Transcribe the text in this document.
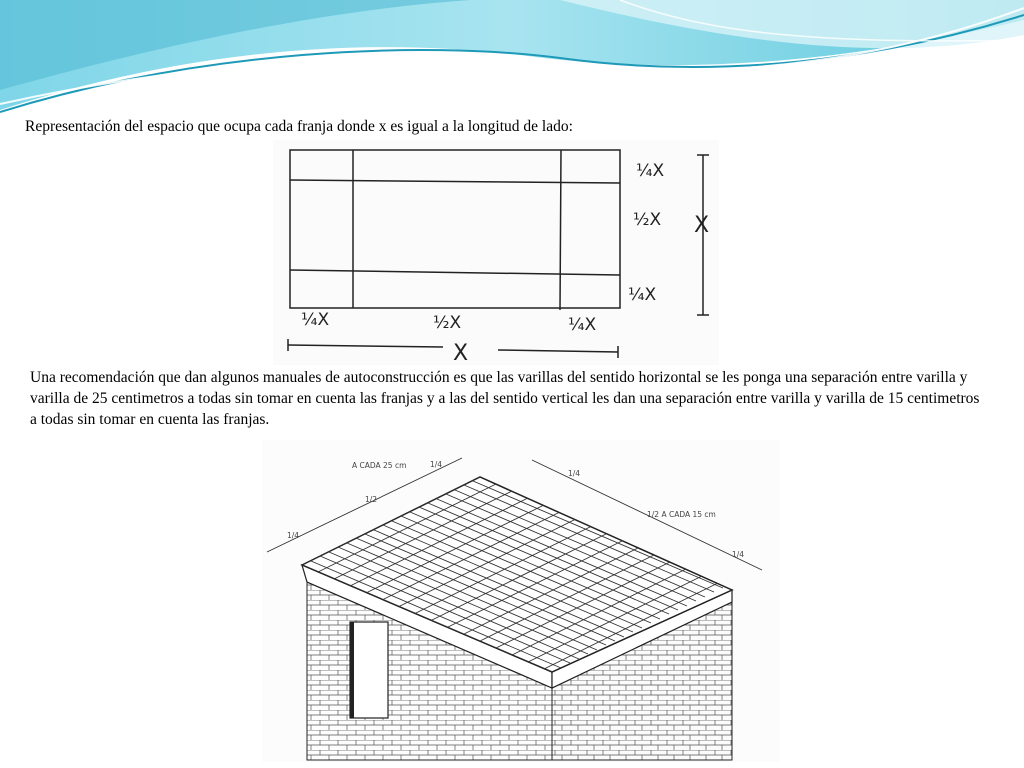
Representación del espacio que ocupa cada franja donde x es igual a la longitud de lado:
¼X
½X X
¼X
¼X	½X	¼X
X
Una recomendación que dan algunos manuales de autoconstrucción es que las varillas del sentido horizontal se les ponga una separación entre varilla y varilla de 25 centimetros a todas sin tomar en cuenta las franjas y a las del sentido vertical les dan una separación entre varilla y varilla de 15 centimetros a todas sin tomar en cuenta las franjas.
A CADA 25 cm	1/4
1/2
1/4
1/4
1/2 A CADA 15 cm
1/4
